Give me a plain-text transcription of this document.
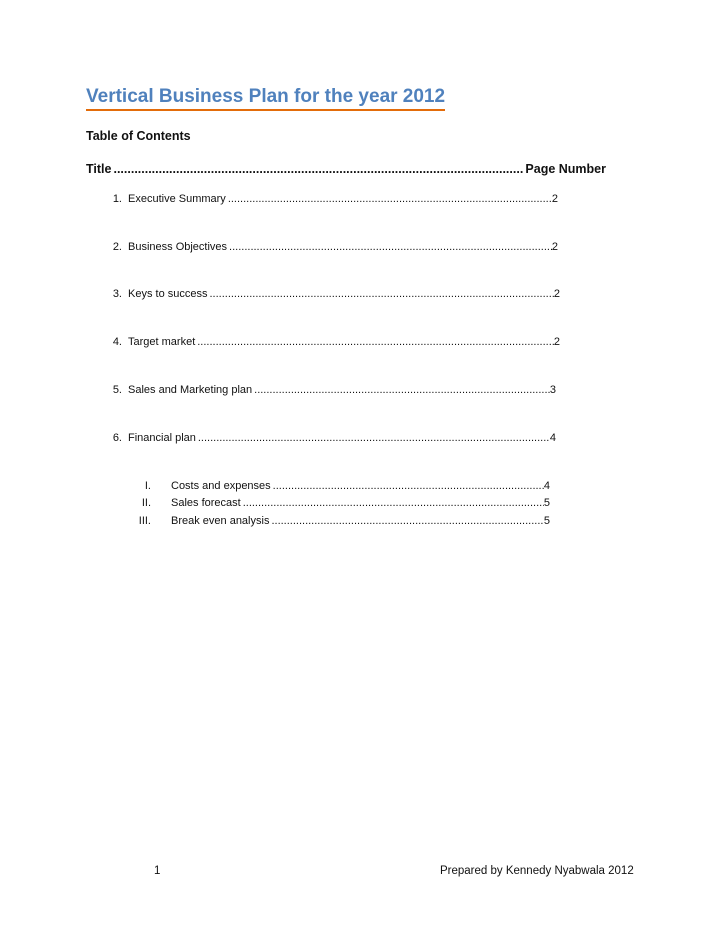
Vertical Business Plan for the year 2012
Table of Contents
Title .....	Page Number
1. Executive Summary .....	2
2. Business Objectives .....	2
3. Keys to success .....	2
4. Target market .....	2
5. Sales and Marketing plan .....	3
6. Financial plan .....	4
I.	Costs and expenses .....	4
II.	Sales forecast .....	5
III.	Break even analysis .....	5
1	Prepared by Kennedy Nyabwala 2012
